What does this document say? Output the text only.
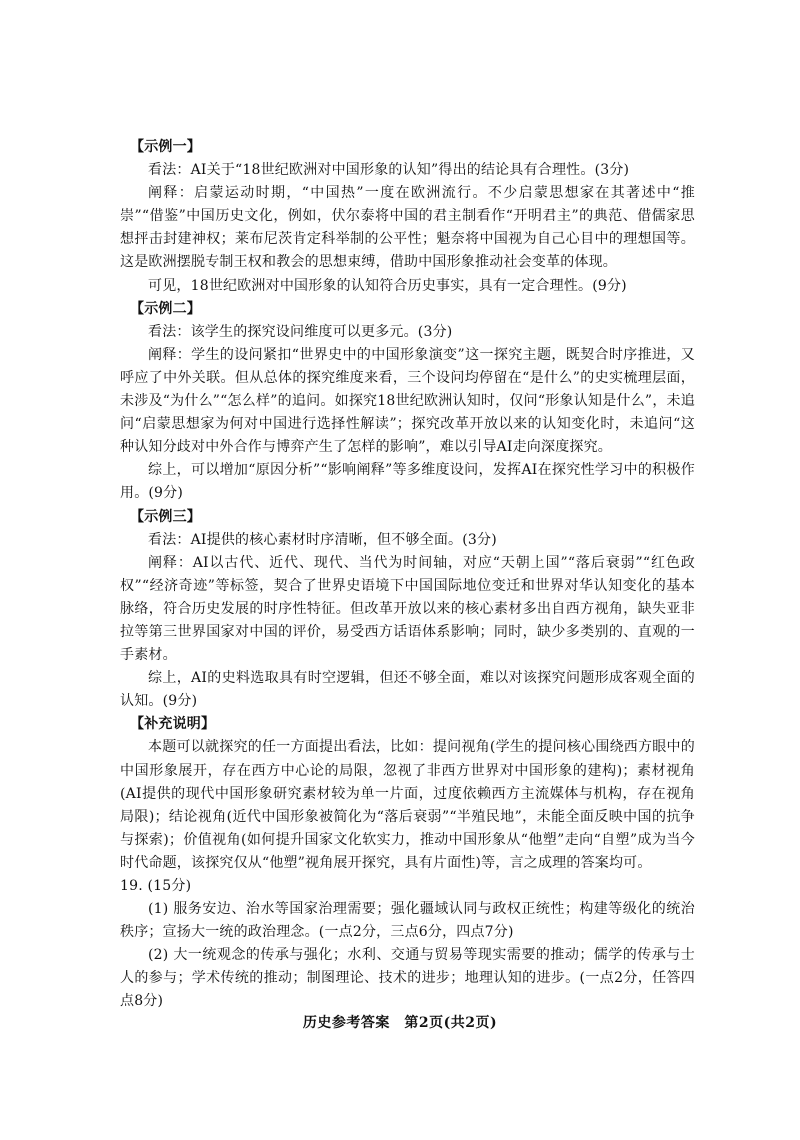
【示例一】

看法：AI关于“18世纪欧洲对中国形象的认知”得出的结论具有合理性。(3分)

阐释：启蒙运动时期，“中国热”一度在欧洲流行。不少启蒙思想家在其著述中“推崇”“借鉴”中国历史文化，例如，伏尔泰将中国的君主制看作“开明君主”的典范、借儒家思想抨击封建神权；莱布尼茨肯定科举制的公平性；魁奈将中国视为自己心目中的理想国等。这是欧洲摆脱专制王权和教会的思想束缚，借助中国形象推动社会变革的体现。

可见，18世纪欧洲对中国形象的认知符合历史事实，具有一定合理性。(9分)

【示例二】

看法：该学生的探究设问维度可以更多元。(3分)

阐释：学生的设问紧扣“世界史中的中国形象演变”这一探究主题，既契合时序推进，又呼应了中外关联。但从总体的探究维度来看，三个设问均停留在“是什么”的史实梳理层面，未涉及“为什么”“怎么样”的追问。如探究18世纪欧洲认知时，仅问“形象认知是什么”，未追问“启蒙思想家为何对中国进行选择性解读”；探究改革开放以来的认知变化时，未追问“这种认知分歧对中外合作与博弈产生了怎样的影响”，难以引导AI走向深度探究。

综上，可以增加“原因分析”“影响阐释”等多维度设问，发挥AI在探究性学习中的积极作用。(9分)

【示例三】

看法：AI提供的核心素材时序清晰，但不够全面。(3分)

阐释：AI以古代、近代、现代、当代为时间轴，对应“天朝上国”“落后衰弱”“红色政权”“经济奇迹”等标签，契合了世界史语境下中国国际地位变迁和世界对华认知变化的基本脉络，符合历史发展的时序性特征。但改革开放以来的核心素材多出自西方视角，缺失亚非拉等第三世界国家对中国的评价，易受西方话语体系影响；同时，缺少多类别的、直观的一手素材。

综上，AI的史料选取具有时空逻辑，但还不够全面，难以对该探究问题形成客观全面的认知。(9分)

【补充说明】

本题可以就探究的任一方面提出看法，比如：提问视角(学生的提问核心围绕西方眼中的中国形象展开，存在西方中心论的局限，忽视了非西方世界对中国形象的建构)；素材视角(AI提供的现代中国形象研究素材较为单一片面，过度依赖西方主流媒体与机构，存在视角局限)；结论视角(近代中国形象被简化为“落后衰弱”“半殖民地”，未能全面反映中国的抗争与探索)；价值视角(如何提升国家文化软实力，推动中国形象从“他塑”走向“自塑”成为当今时代命题，该探究仅从“他塑”视角展开探究，具有片面性)等，言之成理的答案均可。

19. (15分)

(1) 服务安边、治水等国家治理需要；强化疆域认同与政权正统性；构建等级化的统治秩序；宣扬大一统的政治理念。(一点2分，三点6分，四点7分)

(2) 大一统观念的传承与强化；水利、交通与贸易等现实需要的推动；儒学的传承与士人的参与；学术传统的推动；制图理论、技术的进步；地理认知的进步。(一点2分，任答四点8分)

历史参考答案　第2页(共2页)
